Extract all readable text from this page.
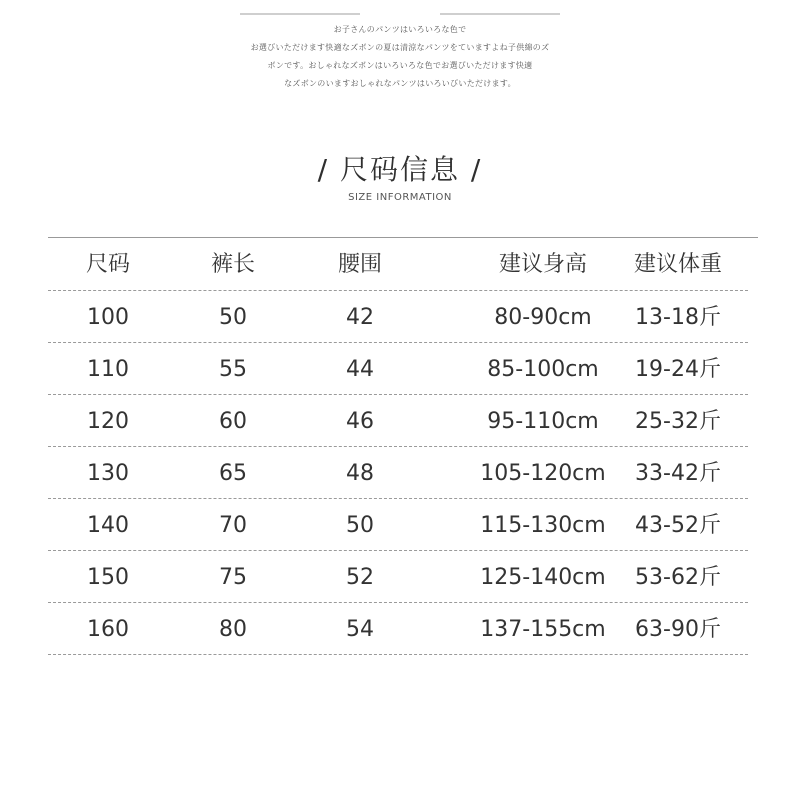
お子さんのパンツはいろいろな色で
お選びいただけます快適なズボンの夏は清涼なパンツをていますよね子供綿のズ
ボンです。おしゃれなズボンはいろいろな色でお選びいただけます快適
なズボンのいますおしゃれなパンツはいろいびいただけます。
/ 尺码信息 /
SIZE INFORMATION
尺码	裤长	腰围	建议身高	建议体重
100	50	42	80-90cm	13-18斤
110	55	44	85-100cm	19-24斤
120	60	46	95-110cm	25-32斤
130	65	48	105-120cm	33-42斤
140	70	50	115-130cm	43-52斤
150	75	52	125-140cm	53-62斤
160	80	54	137-155cm	63-90斤
